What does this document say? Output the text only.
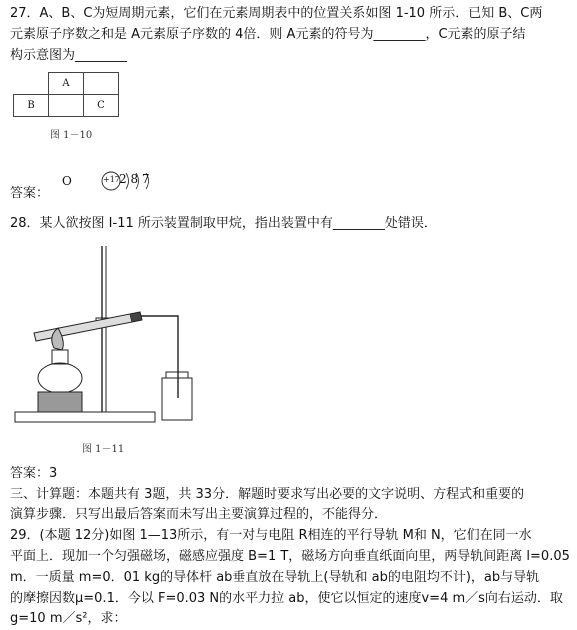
27．A、B、C为短周期元素，它们在元素周期表中的位置关系如图 1-10 所示．已知 B、C两
元素原子序数之和是 A元素原子序数的 4倍．则 A元素的符号为________，C元素的原子结
构示意图为________
	A	
B		C
图 1－10
答案：
O	+17 2 8 7
28．某人欲按图 I-11 所示装置制取甲烷，指出装置中有________处错误．
图 1－11
答案：3
三、计算题：本题共有 3题，共 33分．解题时要求写出必要的文字说明、方程式和重要的
演算步骤．只写出最后答案而未写出主要演算过程的，不能得分．
29．(本题 12分)如图 1—13所示，有一对与电阻 R相连的平行导轨 M和 N，它们在同一水
平面上．现加一个匀强磁场，磁感应强度 B=1 T，磁场方向垂直纸面向里，两导轨间距离 l=0.05
m．一质量 m=0．01 kg的导体杆 ab垂直放在导轨上(导轨和 ab的电阻均不计)，ab与导轨
的摩擦因数μ=0.1．今以 F=0.03 N的水平力拉 ab，使它以恒定的速度v=4 m／s向右运动．取
g=10 m／s²，求：
